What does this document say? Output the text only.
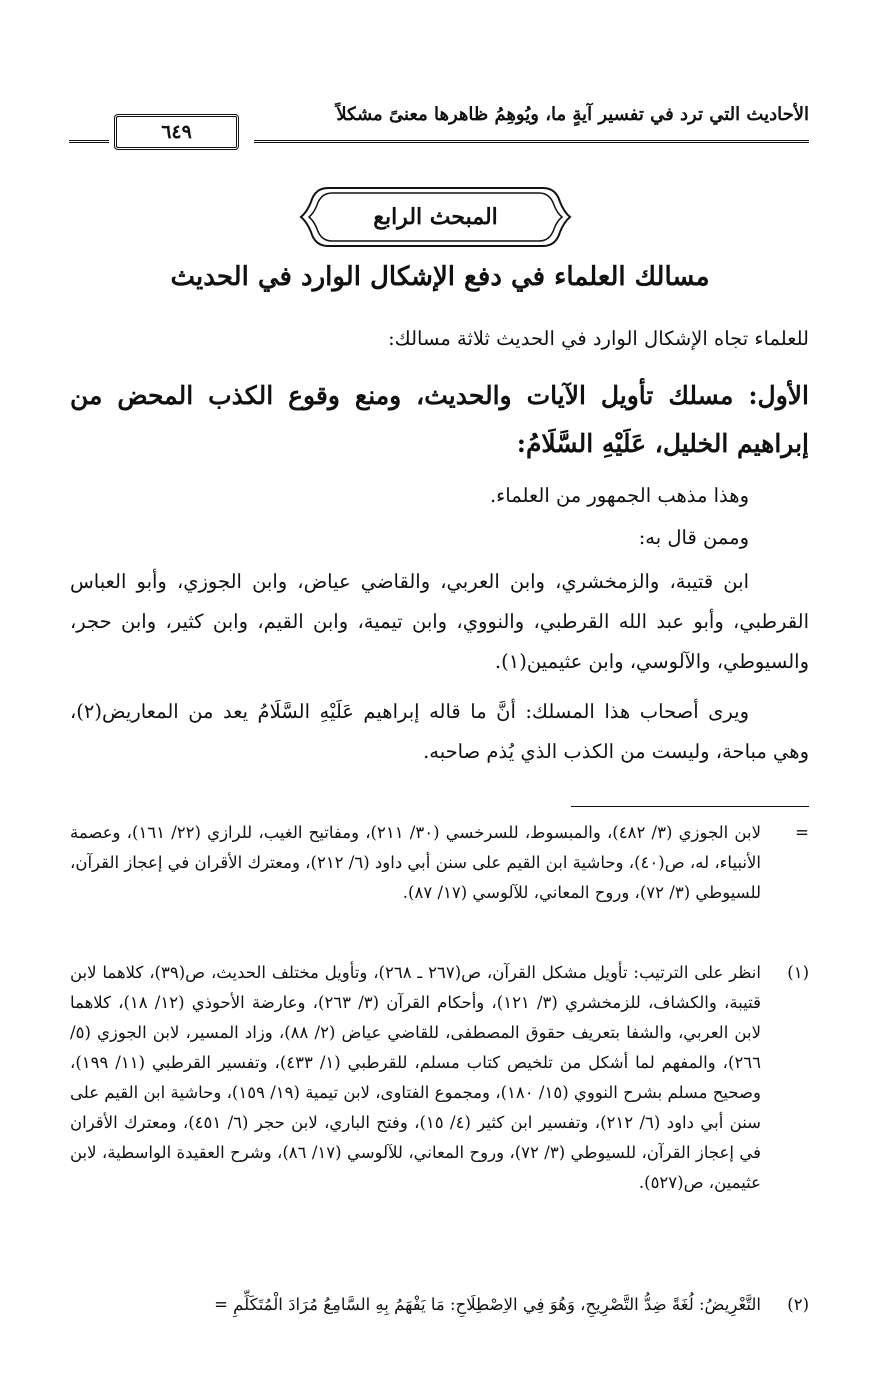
الأحاديث التي ترد في تفسير آيةٍ ما، ويُوهِمُ ظاهرها معنىً مشكلاً
٦٤٩
المبحث الرابع
مسالك العلماء في دفع الإشكال الوارد في الحديث
للعلماء تجاه الإشكال الوارد في الحديث ثلاثة مسالك:
الأول: مسلك تأويل الآيات والحديث، ومنع وقوع الكذب المحض من إبراهيم الخليل، عَلَيْهِ السَّلَامُ:
وهذا مذهب الجمهور من العلماء.
وممن قال به:
ابن قتيبة، والزمخشري، وابن العربي، والقاضي عياض، وابن الجوزي، وأبو العباس القرطبي، وأبو عبد الله القرطبي، والنووي، وابن تيمية، وابن القيم، وابن كثير، وابن حجر، والسيوطي، والآلوسي، وابن عثيمين(١).
ويرى أصحاب هذا المسلك: أنَّ ما قاله إبراهيم عَلَيْهِ السَّلَامُ يعد من المعاريض(٢)، وهي مباحة، وليست من الكذب الذي يُذم صاحبه.
=
لابن الجوزي (٣/ ٤٨٢)، والمبسوط، للسرخسي (٣٠/ ٢١١)، ومفاتيح الغيب، للرازي (٢٢/ ١٦١)، وعصمة الأنبياء، له، ص(٤٠)، وحاشية ابن القيم على سنن أبي داود (٦/ ٢١٢)، ومعترك الأقران في إعجاز القرآن، للسيوطي (٣/ ٧٢)، وروح المعاني، للآلوسي (١٧/ ٨٧).
(١)
انظر على الترتيب: تأويل مشكل القرآن، ص(٢٦٧ ـ ٢٦٨)، وتأويل مختلف الحديث، ص(٣٩)، كلاهما لابن قتيبة، والكشاف، للزمخشري (٣/ ١٢١)، وأحكام القرآن (٣/ ٢٦٣)، وعارضة الأحوذي (١٢/ ١٨)، كلاهما لابن العربي، والشفا بتعريف حقوق المصطفى، للقاضي عياض (٢/ ٨٨)، وزاد المسير، لابن الجوزي (٥/ ٢٦٦)، والمفهم لما أشكل من تلخيص كتاب مسلم، للقرطبي (١/ ٤٣٣)، وتفسير القرطبي (١١/ ١٩٩)، وصحيح مسلم بشرح النووي (١٥/ ١٨٠)، ومجموع الفتاوى، لابن تيمية (١٩/ ١٥٩)، وحاشية ابن القيم على سنن أبي داود (٦/ ٢١٢)، وتفسير ابن كثير (٤/ ١٥)، وفتح الباري، لابن حجر (٦/ ٤٥١)، ومعترك الأقران في إعجاز القرآن، للسيوطي (٣/ ٧٢)، وروح المعاني، للآلوسي (١٧/ ٨٦)، وشرح العقيدة الواسطية، لابن عثيمين، ص(٥٢٧).
(٢)
التَّعْرِيضُ: لُغَةً ضِدُّ التَّصْرِيحِ، وَهُوَ فِي الاِصْطِلَاحِ: مَا يَفْهَمُ بِهِ السَّامِعُ مُرَادَ الْمُتَكَلِّمِ =
